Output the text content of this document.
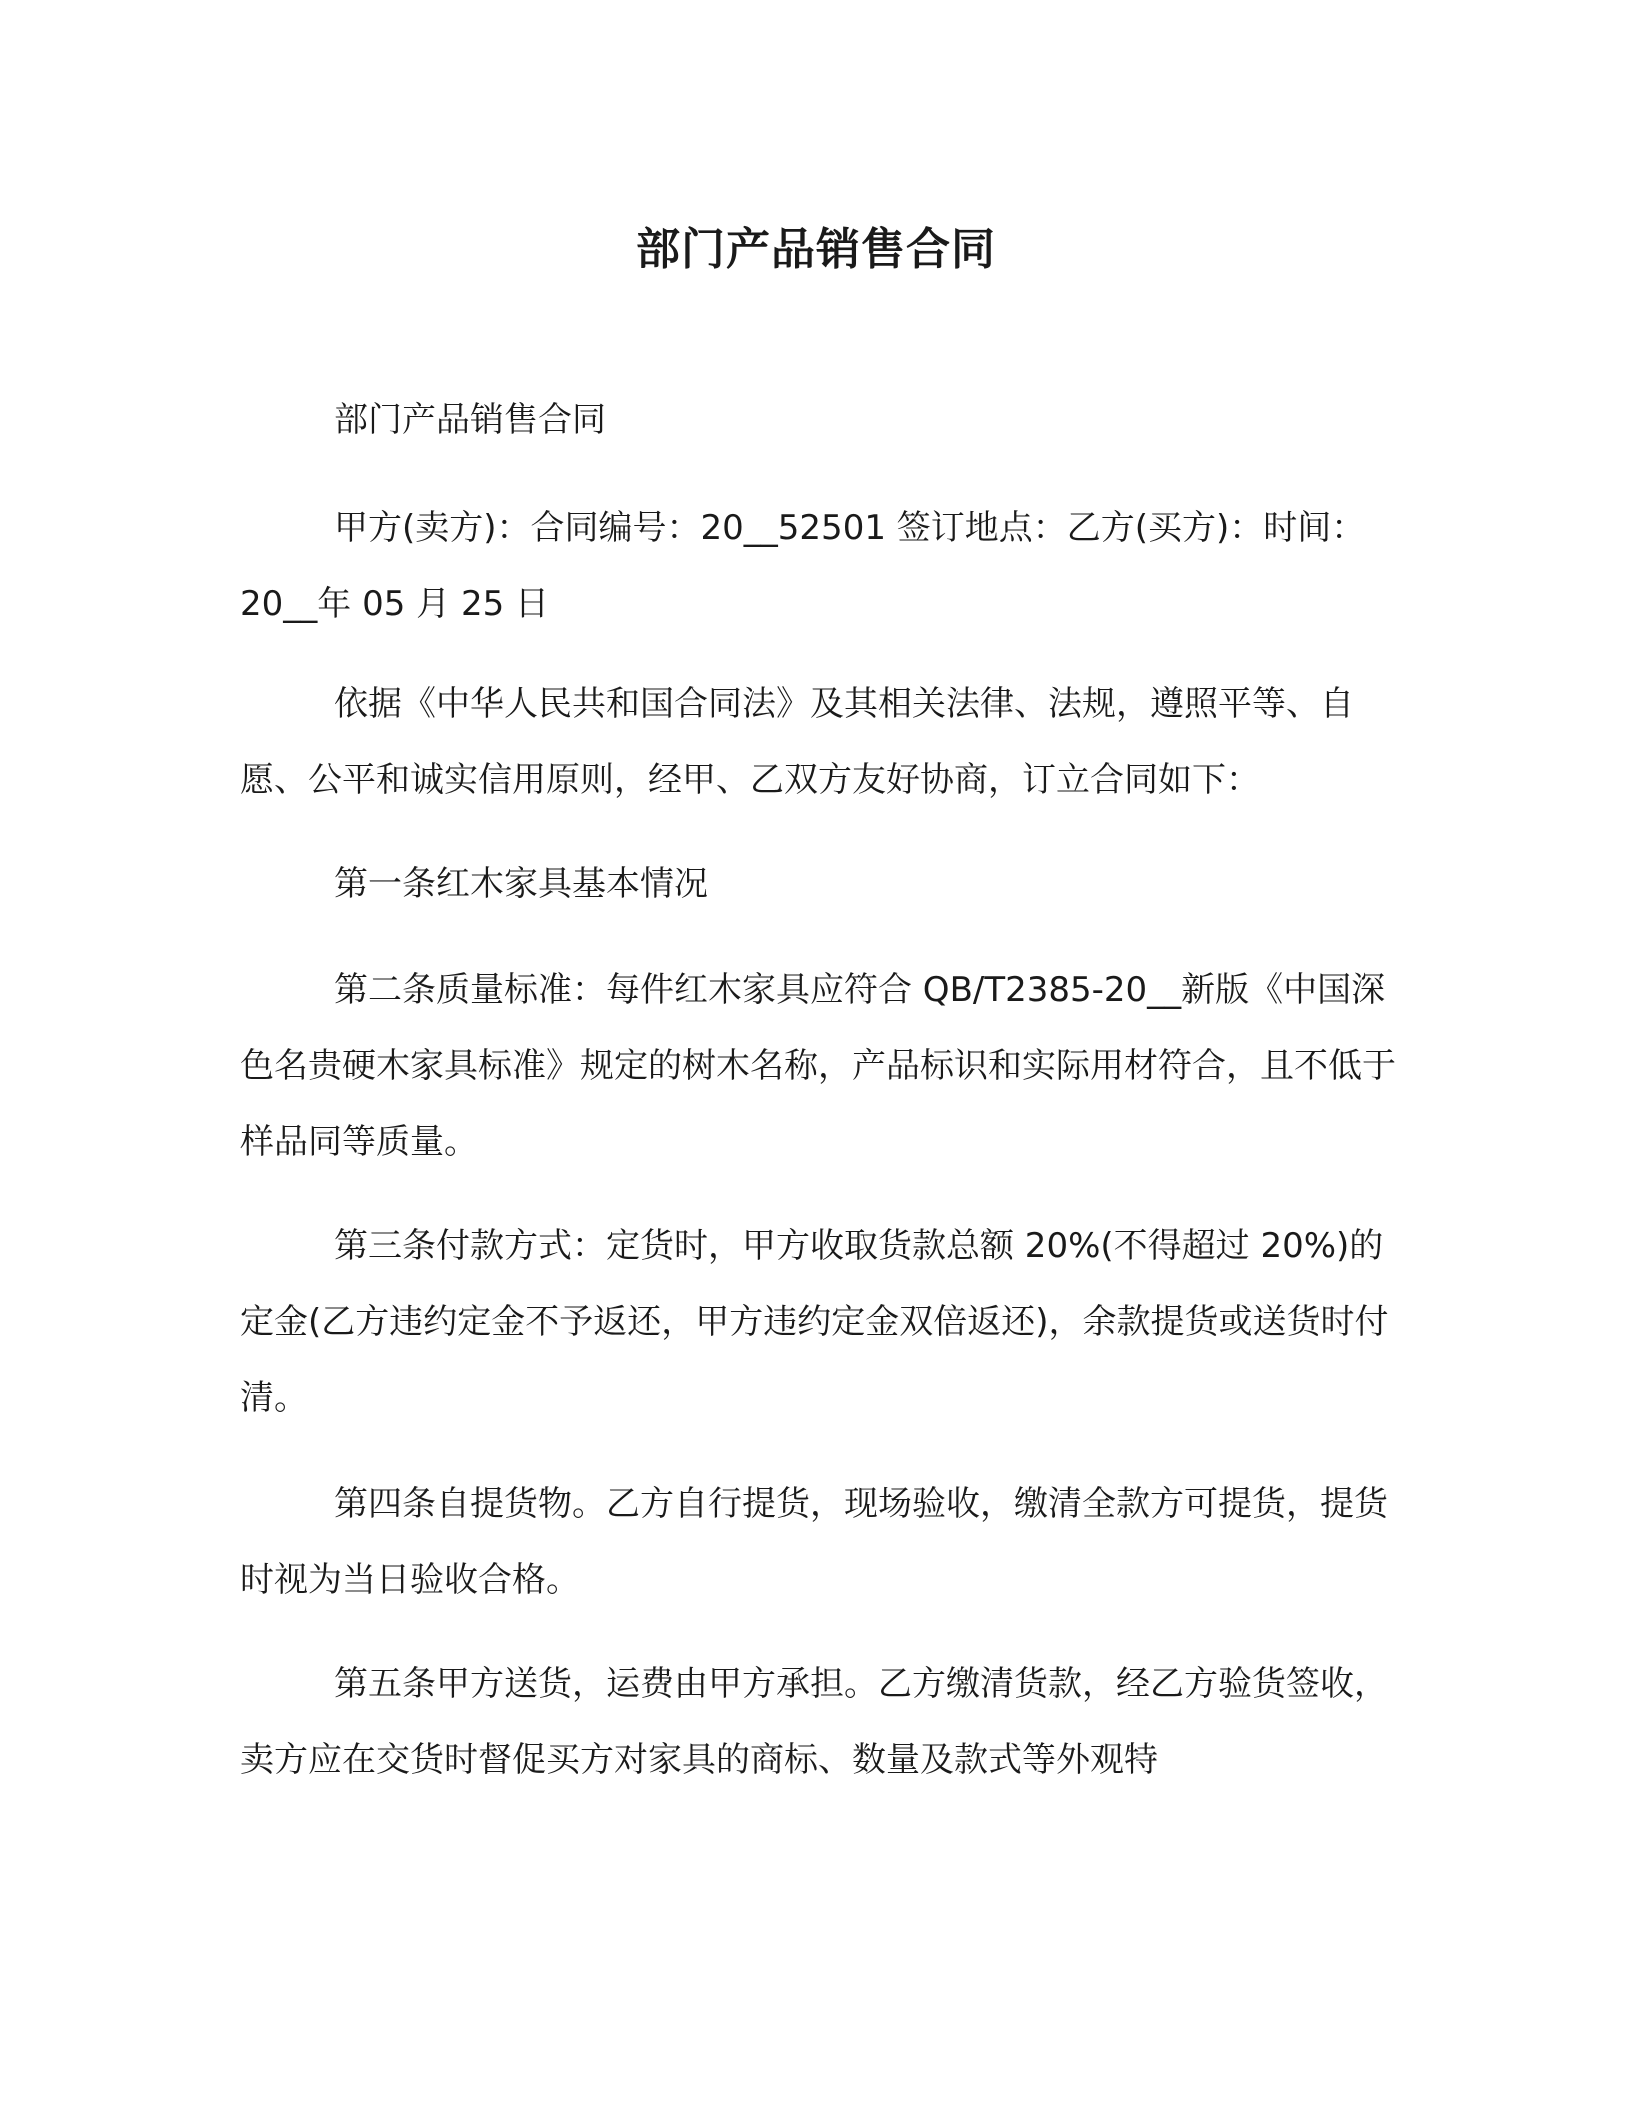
部门产品销售合同

部门产品销售合同

甲方(卖方)：合同编号：20__52501 签订地点：乙方(买方)：时间：20__年 05 月 25 日

依据《中华人民共和国合同法》及其相关法律、法规，遵照平等、自愿、公平和诚实信用原则，经甲、乙双方友好协商，订立合同如下：

第一条红木家具基本情况

第二条质量标准：每件红木家具应符合 QB/T2385-20__新版《中国深色名贵硬木家具标准》规定的树木名称，产品标识和实际用材符合，且不低于样品同等质量。

第三条付款方式：定货时，甲方收取货款总额 20%(不得超过 20%)的定金(乙方违约定金不予返还，甲方违约定金双倍返还)，余款提货或送货时付清。

第四条自提货物。乙方自行提货，现场验收，缴清全款方可提货，提货时视为当日验收合格。

第五条甲方送货，运费由甲方承担。乙方缴清货款，经乙方验货签收，卖方应在交货时督促买方对家具的商标、数量及款式等外观特
